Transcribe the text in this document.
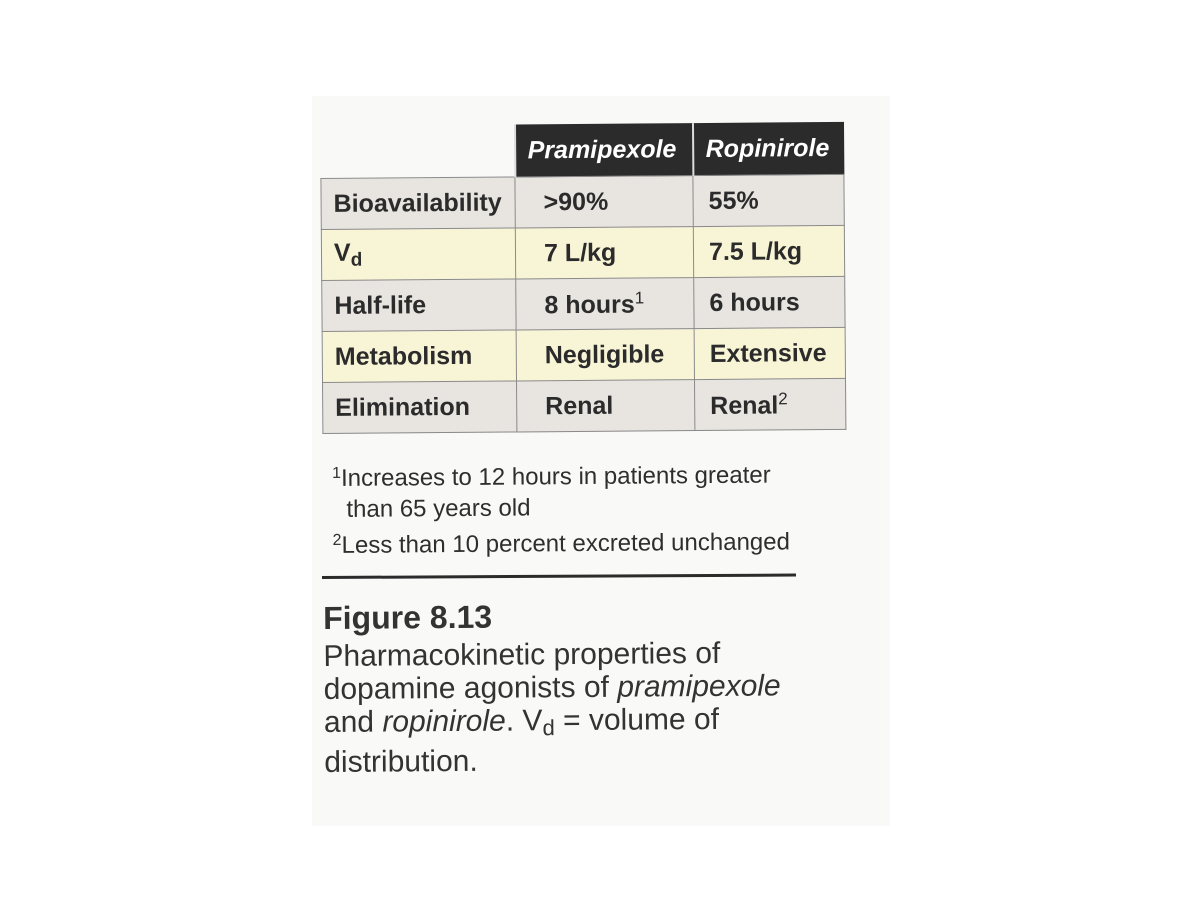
	Pramipexole	Ropinirole
Bioavailability	>90%	55%
$V_d$	7 L/kg	7.5 L/kg
Half-life	8 hours$^1$	6 hours
Metabolism	Negligible	Extensive
Elimination	Renal	Renal$^2$
$^1$Increases to 12 hours in patients greater
than 65 years old
$^2$Less than 10 percent excreted unchanged
Figure 8.13
Pharmacokinetic properties of
dopamine agonists of pramipexole
and ropinirole. $V_d$ = volume of
distribution.
